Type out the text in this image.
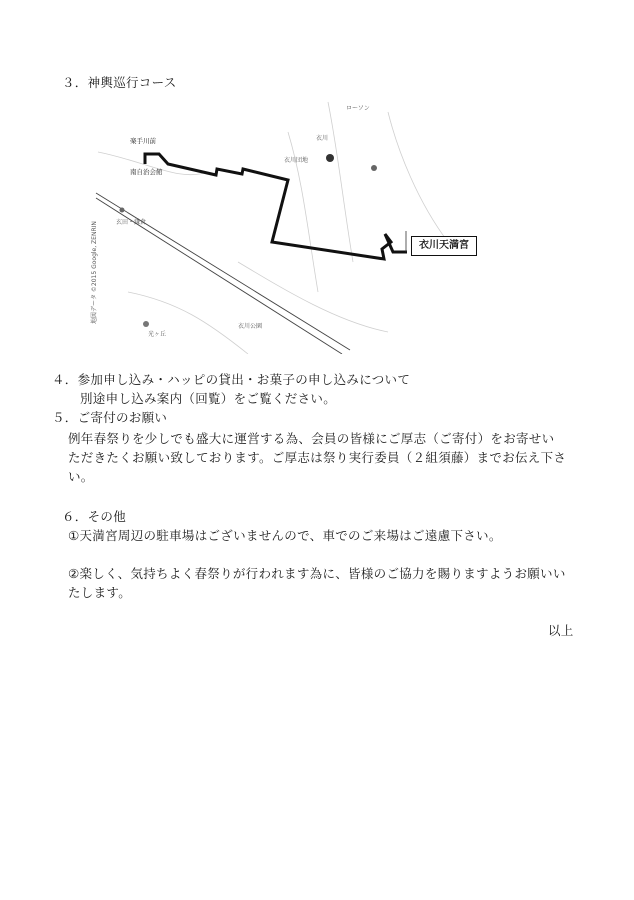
３．神輿巡行コース
楽手川前
南自治会館
玄田・鎌倉
ローソン
衣川
衣川団地
光ヶ丘
衣川公園
地図データ ©2015 Google, ZENRIN	衣川天満宮
４．参加申し込み・ハッピの貸出・お菓子の申し込みについて
別途申し込み案内（回覧）をご覧ください。
５．ご寄付のお願い
例年春祭りを少しでも盛大に運営する為、会員の皆様にご厚志（ご寄付）をお寄せい
ただきたくお願い致しております。ご厚志は祭り実行委員（２組須藤）までお伝え下さ
い。
６．その他
①天満宮周辺の駐車場はございませんので、車でのご来場はご遠慮下さい。
②楽しく、気持ちよく春祭りが行われます為に、皆様のご協力を賜りますようお願いい
たします。
以上
